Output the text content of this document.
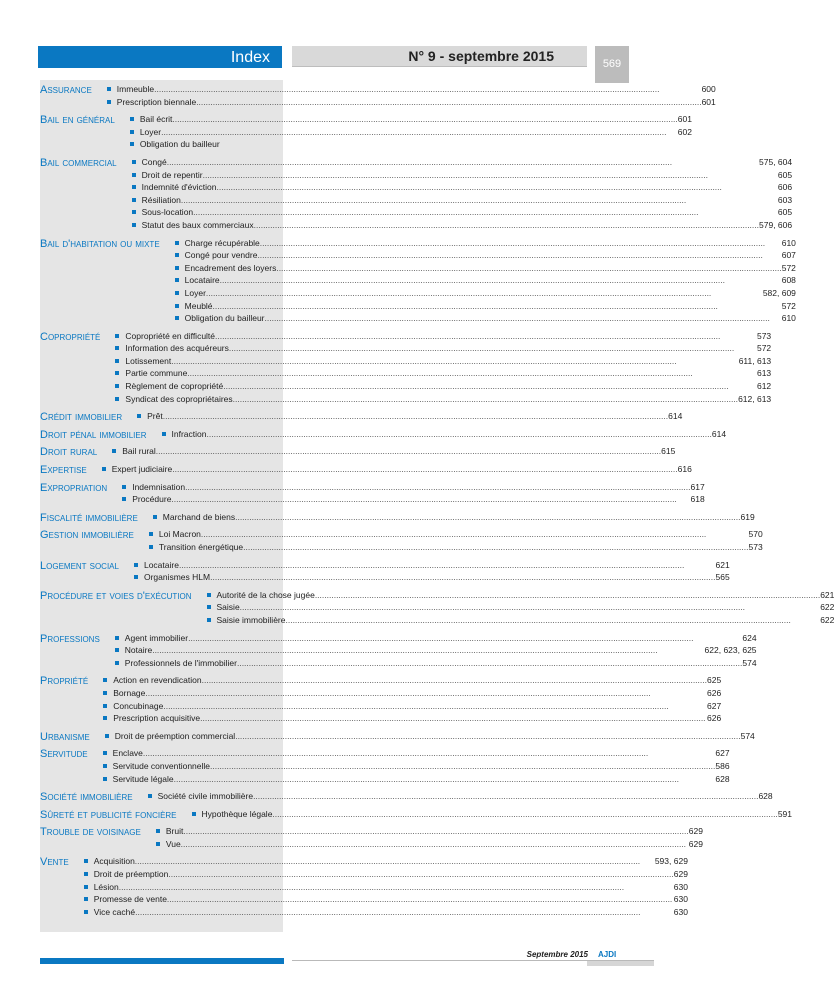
Index	N° 9 - septembre 2015	569
Assurance	Immeuble .....	600
Prescription biennale .....	601
Bail en général	Bail écrit .....	601
Loyer .....	602
Obligation du bailleur
Bail commercial	Congé .....	575, 604
Droit de repentir .....	605
Indemnité d'éviction .....	606
Résiliation .....	603
Sous-location .....	605
Statut des baux commerciaux .....	579, 606
Bail d'habitation ou mixte	Charge récupérable .....	610
Congé pour vendre .....	607
Encadrement des loyers .....	572
Locataire .....	608
Loyer .....	582, 609
Meublé .....	572
Obligation du bailleur .....	610
Copropriété	Copropriété en difficulté .....	573
Information des acquéreurs .....	572
Lotissement .....	611, 613
Partie commune .....	613
Règlement de copropriété .....	612
Syndicat des copropriétaires .....	612, 613
Crédit immobilier	Prêt .....	614
Droit pénal immobilier	Infraction .....	614
Droit rural	Bail rural .....	615
Expertise	Expert judiciaire .....	616
Expropriation	Indemnisation .....	617
Procédure .....	618
Fiscalité immobilière	Marchand de biens .....	619
Gestion immobilière	Loi Macron .....	570
Transition énergétique .....	573
Logement social	Locataire .....	621
Organismes HLM .....	565
Procédure et voies d'exécution	Autorité de la chose jugée .....	621
Saisie .....	622
Saisie immobilière .....	622
Professions	Agent immobilier .....	624
Notaire .....	622, 623, 625
Professionnels de l'immobilier .....	574
Propriété	Action en revendication .....	625
Bornage .....	626
Concubinage .....	627
Prescription acquisitive .....	626
Urbanisme	Droit de préemption commercial .....	574
Servitude	Enclave .....	627
Servitude conventionnelle .....	586
Servitude légale .....	628
Société immobilière	Société civile immobilière .....	628
Sûreté et publicité foncière	Hypothèque légale .....	591
Trouble de voisinage	Bruit .....	629
Vue .....	629
Vente	Acquisition .....	593, 629
Droit de préemption .....	629
Lésion .....	630
Promesse de vente .....	630
Vice caché .....	630
Septembre 2015 AJDI
